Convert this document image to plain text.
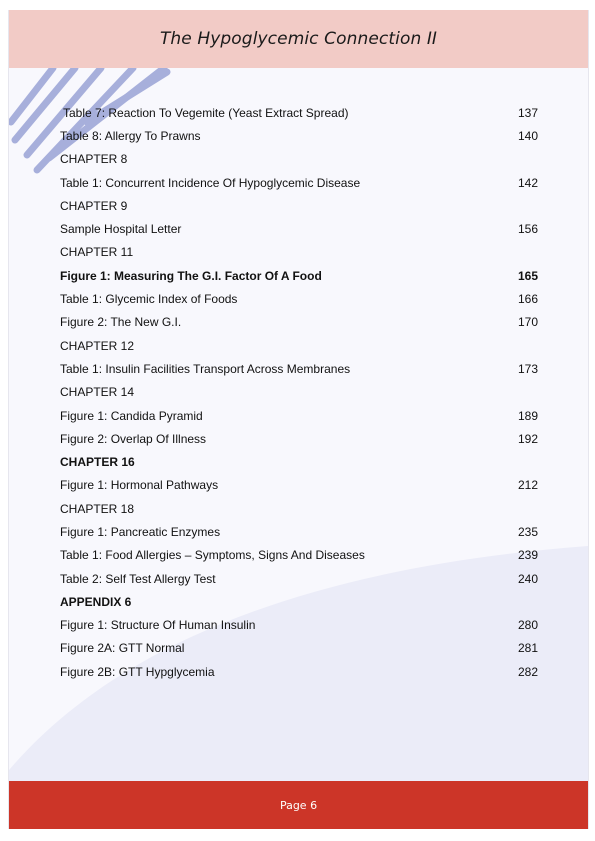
The Hypoglycemic Connection II
Table 7: Reaction To Vegemite (Yeast Extract Spread)	137
Table 8: Allergy To Prawns	140
CHAPTER 8
Table 1: Concurrent Incidence Of Hypoglycemic Disease	142
CHAPTER 9
Sample Hospital Letter	156
CHAPTER 11
Figure 1: Measuring The G.I. Factor Of A Food	165
Table 1: Glycemic Index of Foods	166
Figure 2: The New G.I.	170
CHAPTER 12
Table 1: Insulin Facilities Transport Across Membranes	173
CHAPTER 14
Figure 1: Candida Pyramid	189
Figure 2: Overlap Of Illness	192
CHAPTER 16
Figure 1: Hormonal Pathways	212
CHAPTER 18
Figure 1: Pancreatic Enzymes	235
Table 1: Food Allergies – Symptoms, Signs And Diseases	239
Table 2: Self Test Allergy Test	240
APPENDIX 6
Figure 1: Structure Of Human Insulin	280
Figure 2A: GTT Normal	281
Figure 2B: GTT Hypglycemia	282
Page 6
